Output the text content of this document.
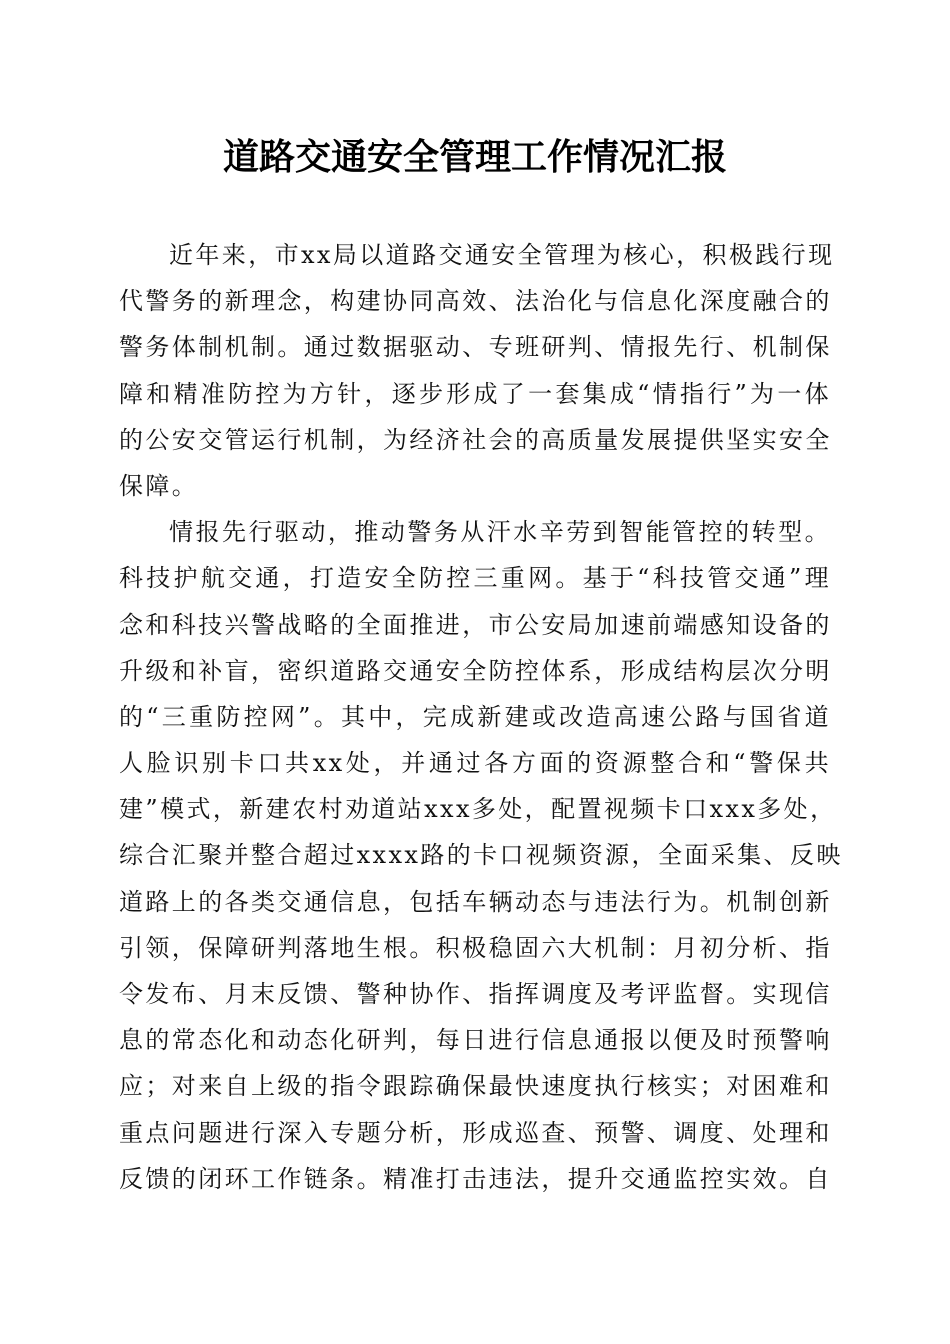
道路交通安全管理工作情况汇报
近年来，市xx局以道路交通安全管理为核心，积极践行现
代警务的新理念，构建协同高效、法治化与信息化深度融合的
警务体制机制。通过数据驱动、专班研判、情报先行、机制保
障和精准防控为方针，逐步形成了一套集成“情指行”为一体
的公安交管运行机制，为经济社会的高质量发展提供坚实安全
保障。
情报先行驱动，推动警务从汗水辛劳到智能管控的转型。
科技护航交通，打造安全防控三重网。基于“科技管交通”理
念和科技兴警战略的全面推进，市公安局加速前端感知设备的
升级和补盲，密织道路交通安全防控体系，形成结构层次分明
的“三重防控网”。其中，完成新建或改造高速公路与国省道
人脸识别卡口共xx处，并通过各方面的资源整合和“警保共
建”模式，新建农村劝道站xxx多处，配置视频卡口xxx多处，
综合汇聚并整合超过xxxx路的卡口视频资源，全面采集、反映
道路上的各类交通信息，包括车辆动态与违法行为。机制创新
引领，保障研判落地生根。积极稳固六大机制：月初分析、指
令发布、月末反馈、警种协作、指挥调度及考评监督。实现信
息的常态化和动态化研判，每日进行信息通报以便及时预警响
应；对来自上级的指令跟踪确保最快速度执行核实；对困难和
重点问题进行深入专题分析，形成巡查、预警、调度、处理和
反馈的闭环工作链条。精准打击违法，提升交通监控实效。自
